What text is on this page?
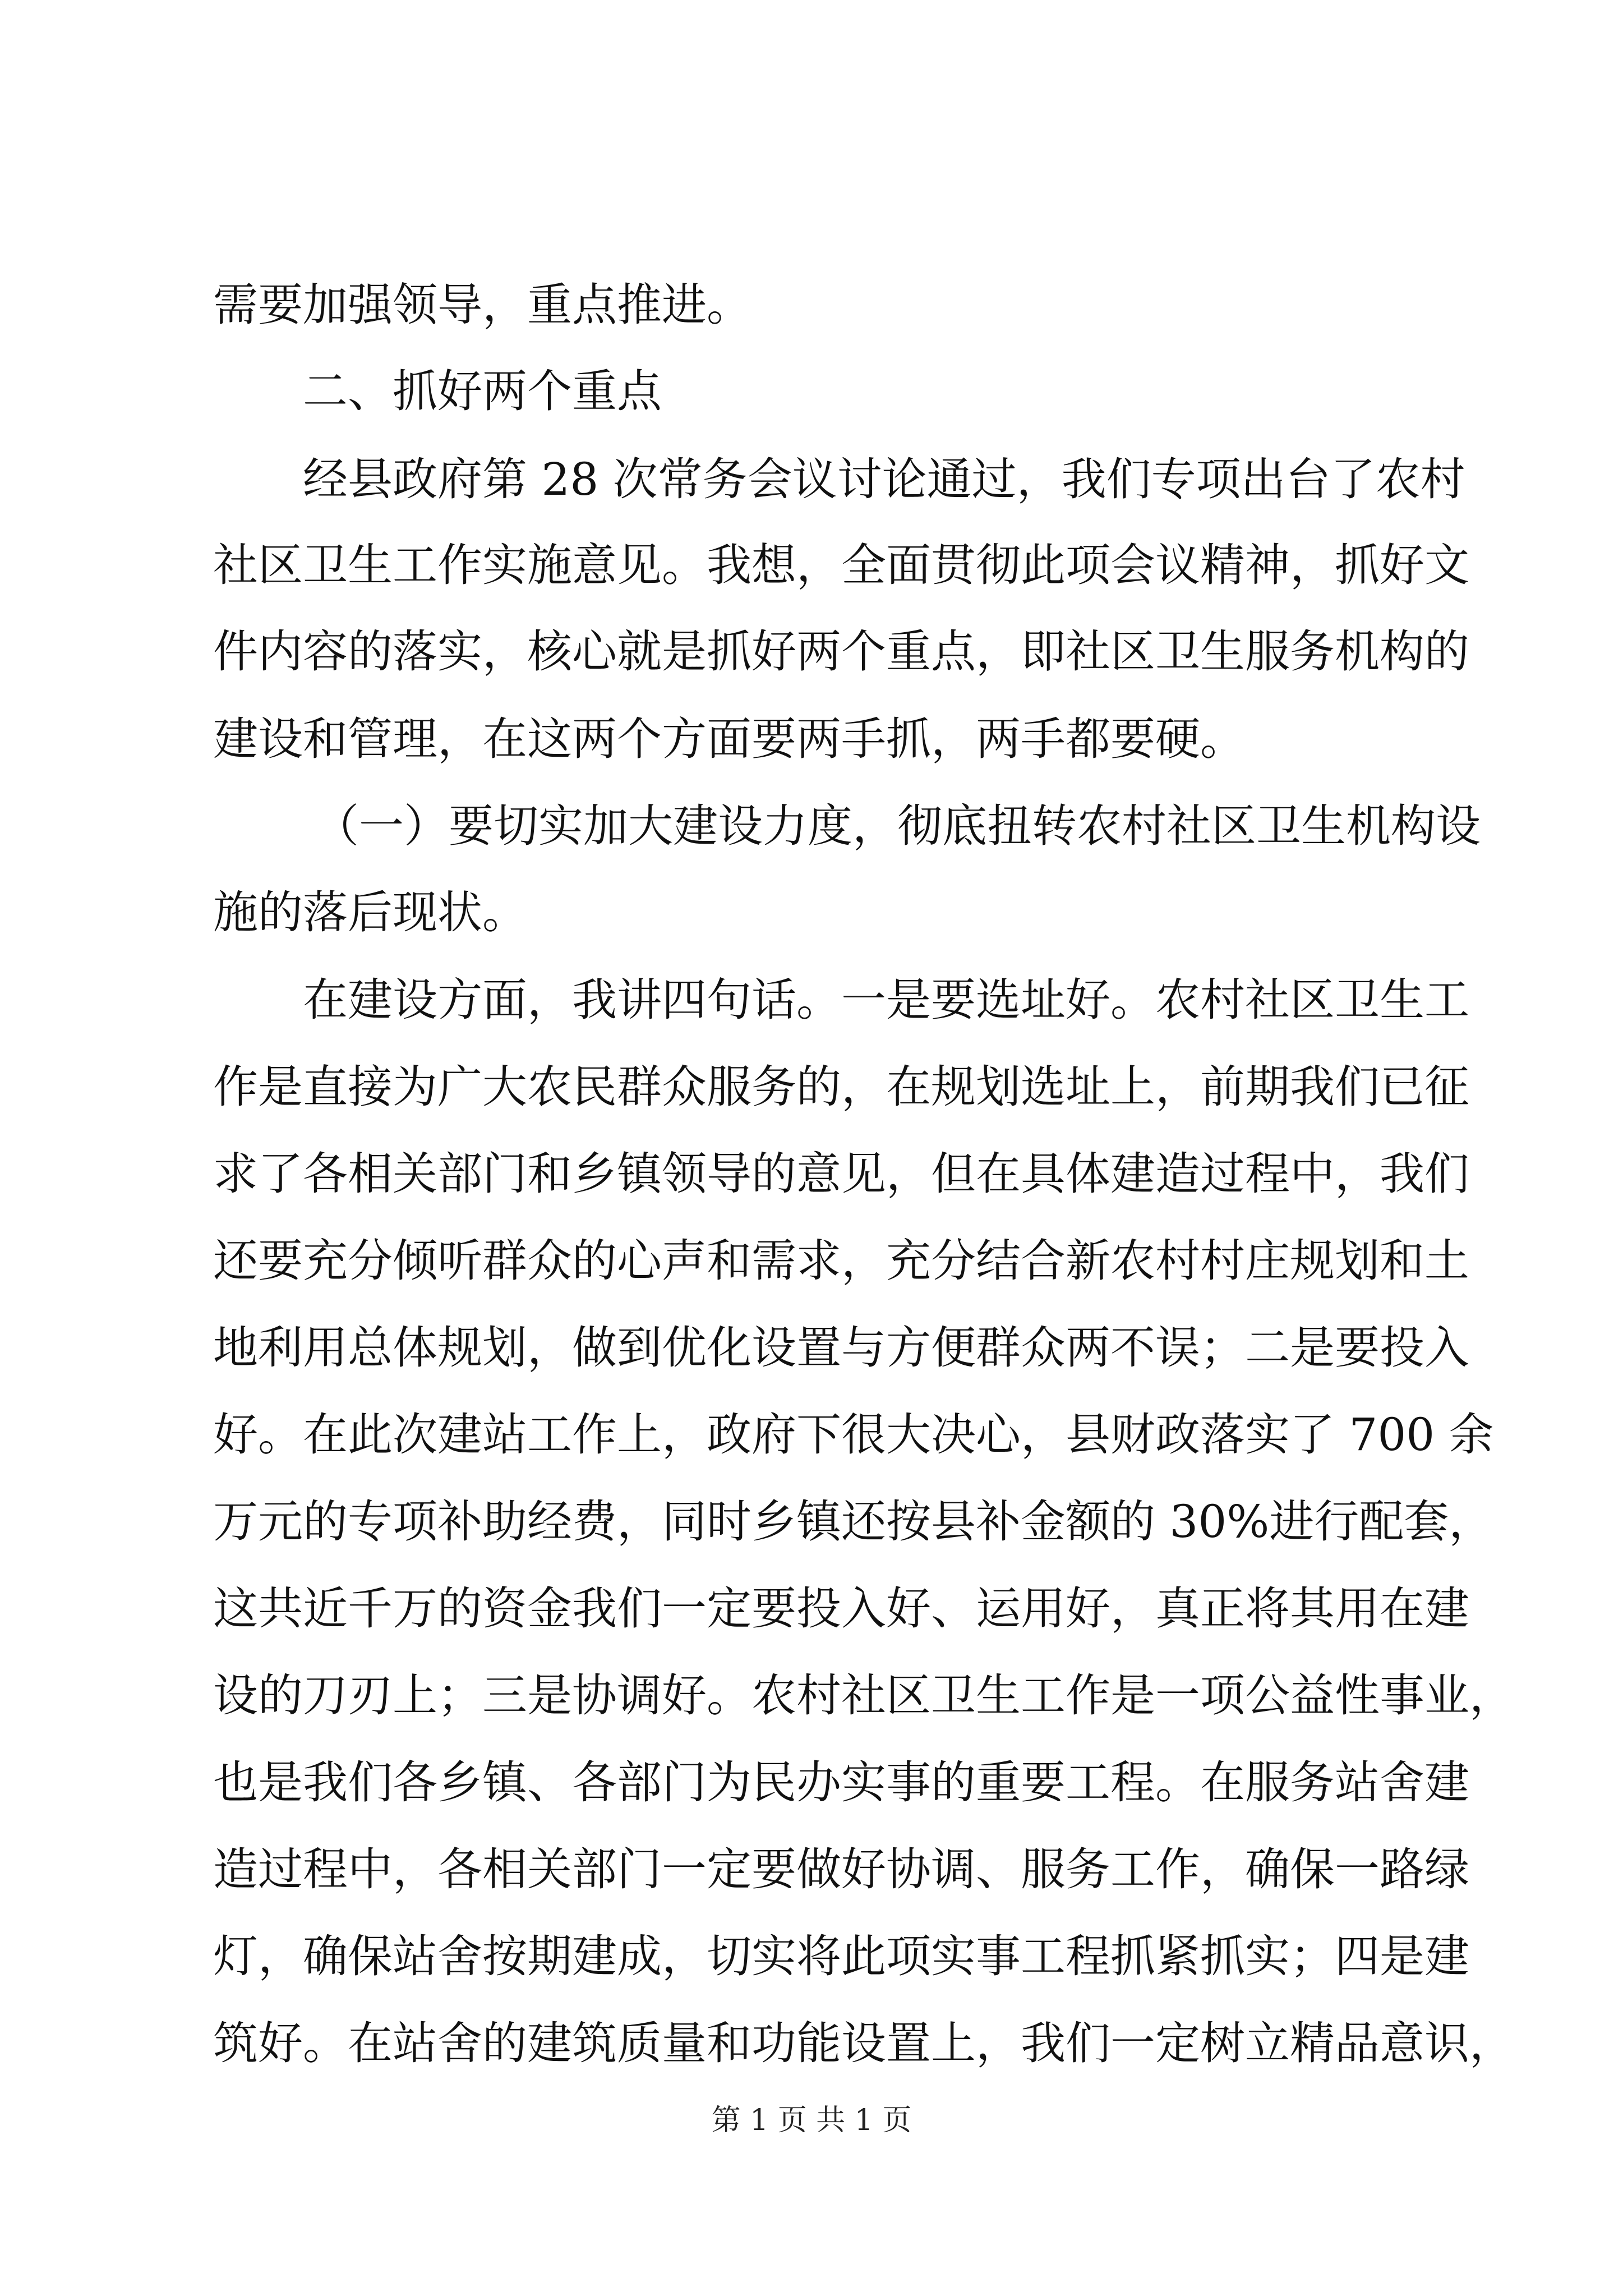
需要加强领导，重点推进。
二、抓好两个重点
经县政府第 28 次常务会议讨论通过，我们专项出台了农村
社区卫生工作实施意见。我想，全面贯彻此项会议精神，抓好文
件内容的落实，核心就是抓好两个重点，即社区卫生服务机构的
建设和管理，在这两个方面要两手抓，两手都要硬。
（一）要切实加大建设力度，彻底扭转农村社区卫生机构设
施的落后现状。
在建设方面，我讲四句话。一是要选址好。农村社区卫生工
作是直接为广大农民群众服务的，在规划选址上，前期我们已征
求了各相关部门和乡镇领导的意见，但在具体建造过程中，我们
还要充分倾听群众的心声和需求，充分结合新农村村庄规划和土
地利用总体规划，做到优化设置与方便群众两不误；二是要投入
好。在此次建站工作上，政府下很大决心，县财政落实了 700 余
万元的专项补助经费，同时乡镇还按县补金额的 30%进行配套，
这共近千万的资金我们一定要投入好、运用好，真正将其用在建
设的刀刃上；三是协调好。农村社区卫生工作是一项公益性事业，
也是我们各乡镇、各部门为民办实事的重要工程。在服务站舍建
造过程中，各相关部门一定要做好协调、服务工作，确保一路绿
灯，确保站舍按期建成，切实将此项实事工程抓紧抓实；四是建
筑好。在站舍的建筑质量和功能设置上，我们一定树立精品意识，
第 1 页 共 1 页
